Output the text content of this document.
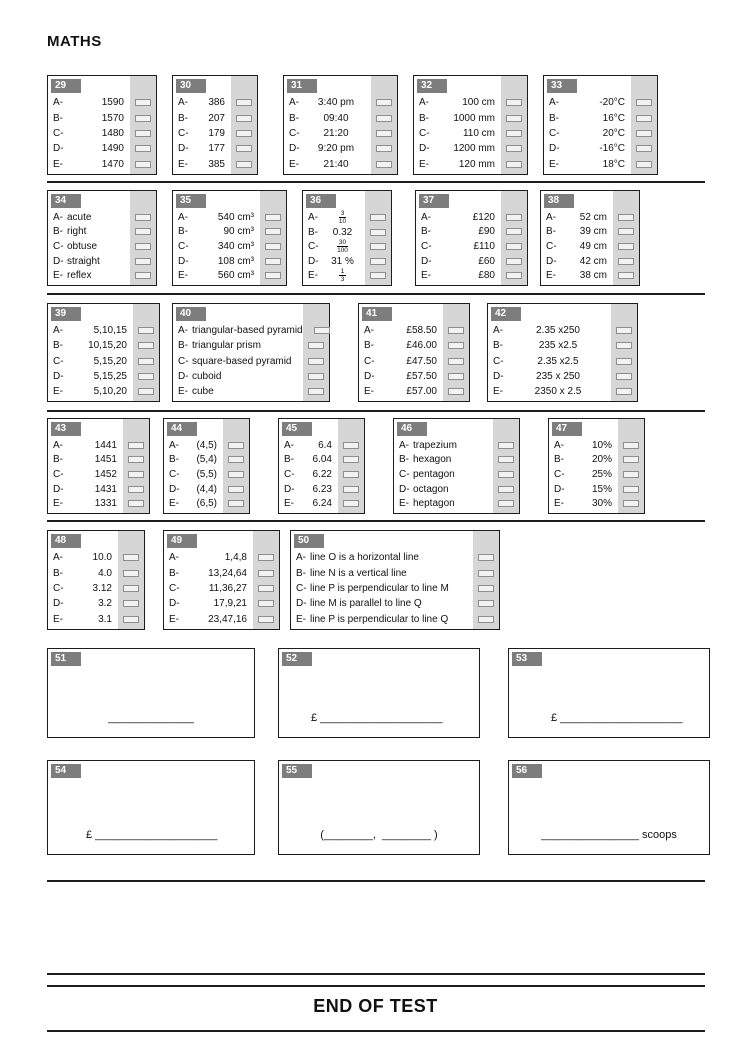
MATHS
END OF TEST
29
A-	1590
B-	1570
C-	1480
D-	1490
E-	1470
30
A-	386
B-	207
C-	179
D-	177
E-	385
31
A-	3:40 pm
B-	09:40
C-	21:20
D-	9:20 pm
E-	21:40
32
A-	100 cm
B-	1000 mm
C-	110 cm
D-	1200 mm
E-	120 mm
33
A-	-20°C
B-	16°C
C-	20°C
D-	-16°C
E-	18°C
34
A- acute
B- right
C- obtuse
D- straight
E- reflex
35
A-	540 cm³
B-	90 cm³
C-	340 cm³
D-	108 cm³
E-	560 cm³
36
A-	$\frac{3}{10}$
B-	0.32
C-	$\frac{30}{100}$
D-	31 %
E-	$\frac{1}{3}$
37
A-	£120
B-	£90
C-	£110
D-	£60
E-	£80
38
A-	52 cm
B-	39 cm
C-	49 cm
D-	42 cm
E-	38 cm
39
A-	5,10,15
B-	10,15,20
C-	5,15,20
D-	5,15,25
E-	5,10,20
40
A- triangular-based pyramid
B- triangular prism
C- square-based pyramid
D- cuboid
E- cube
41
A-	£58.50
B-	£46.00
C-	£47.50
D-	£57.50
E-	£57.00
42
A-	2.35 x250
B-	235 x2.5
C-	2.35 x2.5
D-	235 x 250
E-	2350 x 2.5
43
A-	1441
B-	1451
C-	1452
D-	1431
E-	1331
44
A-	(4,5)
B-	(5,4)
C-	(5,5)
D-	(4,4)
E-	(6,5)
45
A-	6.4
B-	6.04
C-	6.22
D-	6.23
E-	6.24
46
A- trapezium
B- hexagon
C- pentagon
D- octagon
E- heptagon
47
A-	10%
B-	20%
C-	25%
D-	15%
E-	30%
48
A-	10.0
B-	4.0
C-	3.12
D-	3.2
E-	3.1
49
A-	1,4,8
B-	13,24,64
C-	11,36,27
D-	17,9,21
E-	23,47,16
50
A- line O is a horizontal line
B- line N is a vertical line
C- line P is perpendicular to line M
D- line M is parallel to line Q
E- line P is perpendicular to line Q
51
______________
52
£ ____________________
53
£ ____________________
54
£ ____________________
55
(________,  ________ )
56
________________ scoops
